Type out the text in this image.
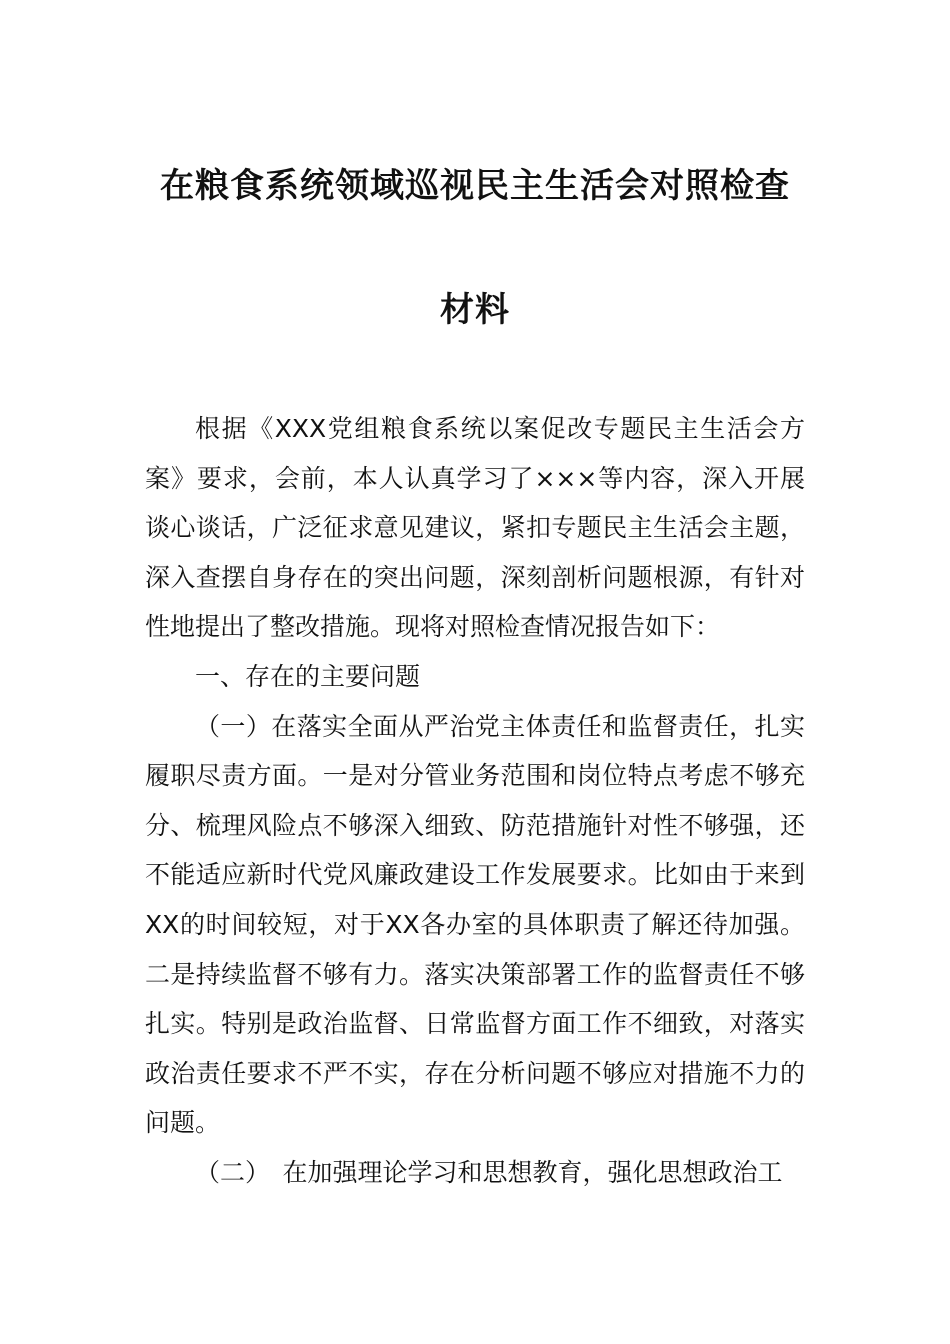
在粮食系统领域巡视民主生活会对照检查
材料

根据《XXX党组粮食系统以案促改专题民主生活会方案》要求，会前，本人认真学习了×××等内容，深入开展谈心谈话，广泛征求意见建议，紧扣专题民主生活会主题，深入查摆自身存在的突出问题，深刻剖析问题根源，有针对性地提出了整改措施。现将对照检查情况报告如下：

一、存在的主要问题

（一）在落实全面从严治党主体责任和监督责任，扎实履职尽责方面。一是对分管业务范围和岗位特点考虑不够充分、梳理风险点不够深入细致、防范措施针对性不够强，还不能适应新时代党风廉政建设工作发展要求。比如由于来到XX的时间较短，对于XX各办室的具体职责了解还待加强。二是持续监督不够有力。落实决策部署工作的监督责任不够扎实。特别是政治监督、日常监督方面工作不细致，对落实政治责任要求不严不实，存在分析问题不够应对措施不力的问题。

（二）　在加强理论学习和思想教育，强化思想政治工
